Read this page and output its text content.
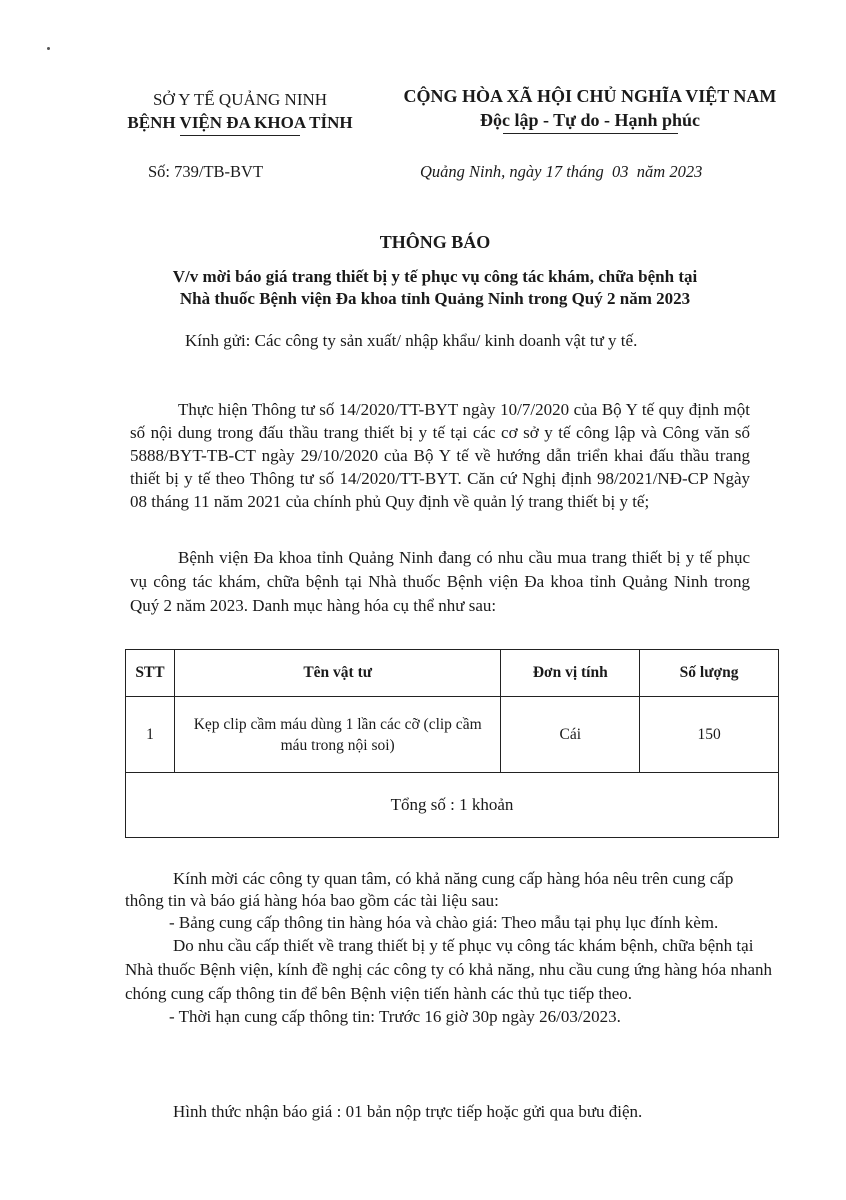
SỞ Y TẾ QUẢNG NINH
BỆNH VIỆN ĐA KHOA TỈNH
CỘNG HÒA XÃ HỘI CHỦ NGHĨA VIỆT NAM
Độc lập - Tự do - Hạnh phúc
Số: 739/TB-BVT	Quảng Ninh, ngày 17 tháng  03  năm 2023
THÔNG BÁO
V/v mời báo giá trang thiết bị y tế phục vụ công tác khám, chữa bệnh tại
Nhà thuốc Bệnh viện Đa khoa tỉnh Quảng Ninh trong Quý 2 năm 2023
Kính gửi: Các công ty sản xuất/ nhập khẩu/ kinh doanh vật tư y tế.
Thực hiện Thông tư số 14/2020/TT-BYT ngày 10/7/2020 của Bộ Y tế quy định một số nội dung trong đấu thầu trang thiết bị y tế tại các cơ sở y tế công lập và Công văn số 5888/BYT-TB-CT ngày 29/10/2020 của Bộ Y tế về hướng dẫn triển khai đấu thầu trang thiết bị y tế theo Thông tư số 14/2020/TT-BYT. Căn cứ Nghị định 98/2021/NĐ-CP Ngày 08 tháng 11 năm 2021 của chính phủ Quy định về quản lý trang thiết bị y tế;
Bệnh viện Đa khoa tỉnh Quảng Ninh đang có nhu cầu mua trang thiết bị y tế phục vụ công tác khám, chữa bệnh tại Nhà thuốc Bệnh viện Đa khoa tỉnh Quảng Ninh trong Quý 2 năm 2023. Danh mục hàng hóa cụ thể như sau:
STT	Tên vật tư	Đơn vị tính	Số lượng
1	Kẹp clip cầm máu dùng 1 lần các cỡ (clip cầm máu trong nội soi)	Cái	150
Tổng số : 1 khoản			
Kính mời các công ty quan tâm, có khả năng cung cấp hàng hóa nêu trên cung cấp thông tin và báo giá hàng hóa bao gồm các tài liệu sau:
- Bảng cung cấp thông tin hàng hóa và chào giá: Theo mẫu tại phụ lục đính kèm.
Do nhu cầu cấp thiết về trang thiết bị y tế phục vụ công tác khám bệnh, chữa bệnh tại Nhà thuốc Bệnh viện, kính đề nghị các công ty có khả năng, nhu cầu cung ứng hàng hóa nhanh chóng cung cấp thông tin để bên Bệnh viện tiến hành các thủ tục tiếp theo.
- Thời hạn cung cấp thông tin: Trước 16 giờ 30p ngày 26/03/2023.
Hình thức nhận báo giá : 01 bản nộp trực tiếp hoặc gửi qua bưu điện.
